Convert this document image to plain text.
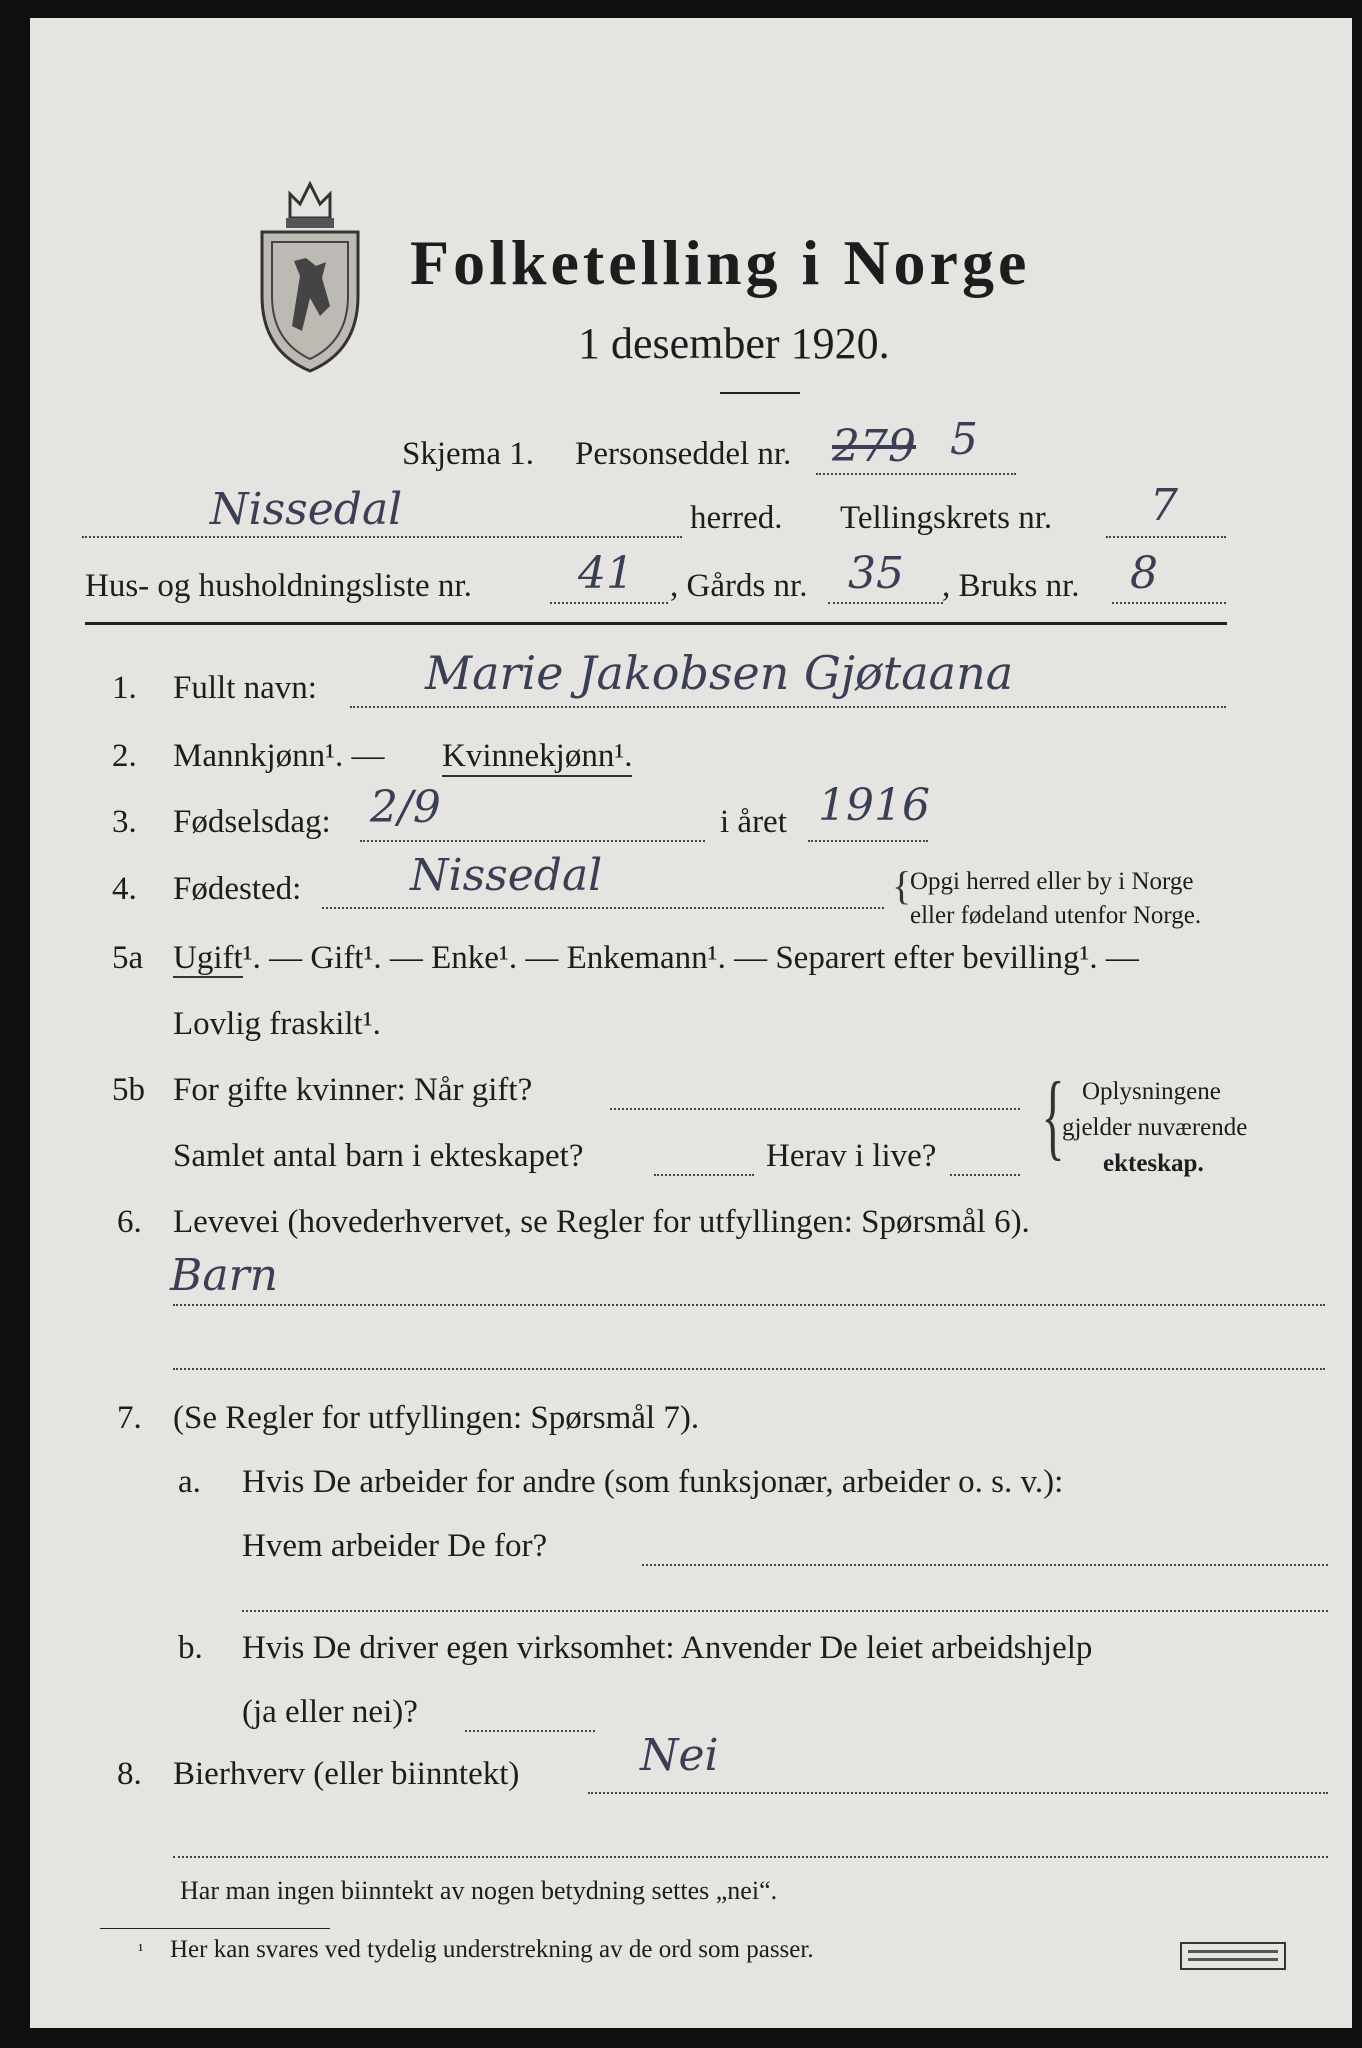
Folketelling i Norge
1 desember 1920.
Skjema 1. Personseddel nr. 279 5
Nissedal	herred. Tellingskrets nr. 7
Hus- og husholdningsliste nr. 41 , Gårds nr. 35 , Bruks nr. 8
1. Fullt navn: Marie Jakobsen Gjøtaana
2. Mannkjønn¹. — Kvinnekjønn¹.
3. Fødselsdag: 2/9	i året 1916
4. Fødested: Nissedal	{
Opgi herred eller by i Norge
eller fødeland utenfor Norge.
5a Ugift¹. — Gift¹. — Enke¹. — Enkemann¹. — Separert efter bevilling¹. —
Lovlig fraskilt¹.
5b For gifte kvinner: Når gift?
Samlet antal barn i ekteskapet?	Herav i live? { Oplysningene
gjelder nuværende
ekteskap.
6. Levevei (hovederhvervet, se Regler for utfyllingen: Spørsmål 6).
Barn
7. (Se Regler for utfyllingen: Spørsmål 7).
a. Hvis De arbeider for andre (som funksjonær, arbeider o. s. v.):
Hvem arbeider De for?
b. Hvis De driver egen virksomhet: Anvender De leiet arbeidshjelp
(ja eller nei)?
8. Bierhverv (eller biinntekt)	Nei
Har man ingen biinntekt av nogen betydning settes „nei“.
¹ Her kan svares ved tydelig understrekning av de ord som passer.
